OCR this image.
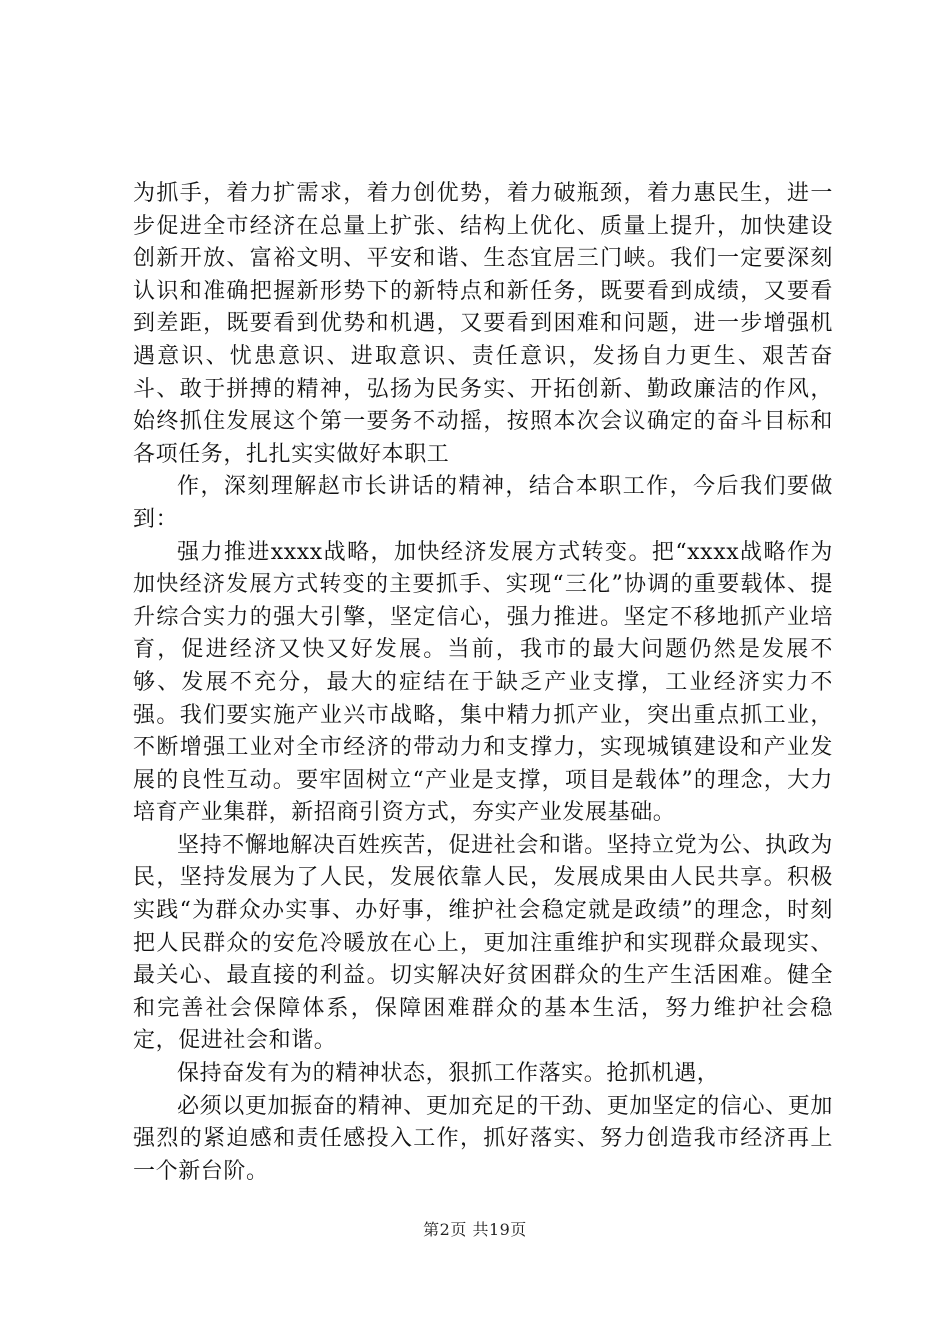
为抓手，着力扩需求，着力创优势，着力破瓶颈，着力惠民生，进一步促进全市经济在总量上扩张、结构上优化、质量上提升，加快建设创新开放、富裕文明、平安和谐、生态宜居三门峡。我们一定要深刻认识和准确把握新形势下的新特点和新任务，既要看到成绩，又要看到差距，既要看到优势和机遇，又要看到困难和问题，进一步增强机遇意识、忧患意识、进取意识、责任意识，发扬自力更生、艰苦奋斗、敢于拼搏的精神，弘扬为民务实、开拓创新、勤政廉洁的作风，始终抓住发展这个第一要务不动摇，按照本次会议确定的奋斗目标和各项任务，扎扎实实做好本职工

作，深刻理解赵市长讲话的精神，结合本职工作，今后我们要做到：

强力推进xxxx战略，加快经济发展方式转变。把“xxxx战略作为加快经济发展方式转变的主要抓手、实现“三化”协调的重要载体、提升综合实力的强大引擎，坚定信心，强力推进。坚定不移地抓产业培育，促进经济又快又好发展。当前，我市的最大问题仍然是发展不够、发展不充分，最大的症结在于缺乏产业支撑，工业经济实力不强。我们要实施产业兴市战略，集中精力抓产业，突出重点抓工业，不断增强工业对全市经济的带动力和支撑力，实现城镇建设和产业发展的良性互动。要牢固树立“产业是支撑，项目是载体”的理念，大力培育产业集群，新招商引资方式，夯实产业发展基础。

坚持不懈地解决百姓疾苦，促进社会和谐。坚持立党为公、执政为民，坚持发展为了人民，发展依靠人民，发展成果由人民共享。积极实践“为群众办实事、办好事，维护社会稳定就是政绩”的理念，时刻把人民群众的安危冷暖放在心上，更加注重维护和实现群众最现实、最关心、最直接的利益。切实解决好贫困群众的生产生活困难。健全和完善社会保障体系，保障困难群众的基本生活，努力维护社会稳定，促进社会和谐。

保持奋发有为的精神状态，狠抓工作落实。抢抓机遇，

必须以更加振奋的精神、更加充足的干劲、更加坚定的信心、更加强烈的紧迫感和责任感投入工作，抓好落实、努力创造我市经济再上一个新台阶。

第2页 共19页
